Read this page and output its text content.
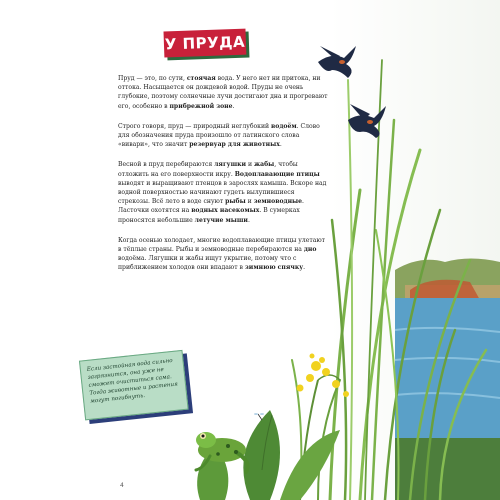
У ПРУДА

Пруд — это, по сути, стоячая вода. У него нет ни притока, ни оттока. Насыщается он дождевой водой. Пруды не очень глубокие, поэтому солнечные лучи достигают дна и прогревают его, особенно в прибрежной зоне.

Строго говоря, пруд — природный неглубокий водоём. Слово для обозначения пруда произошло от латинского слова «вивари», что значит резервуар для животных.

Весной в пруд перебираются лягушки и жабы, чтобы отложить на его поверхности икру. Водоплавающие птицы выводят и выращивают птенцов в зарослях камыша. Вскоре над водной поверхностью начинают гудеть вылупившиеся стрекозы. Всё лето в воде снуют рыбы и земноводные. Ласточки охотятся на водных насекомых. В сумерках проносятся небольшие летучие мыши.

Когда осенью холодает, многие водоплавающие птицы улетают в тёплые страны. Рыбы и земноводные перебираются на дно водоёма. Лягушки и жабы ищут укрытие, потому что с приближением холодов они впадают в зимнюю спячку.

Если застойная вода сильно загрязнится, она уже не сможет очиститься сама. Тогда животные и растения могут погибнуть.
4
